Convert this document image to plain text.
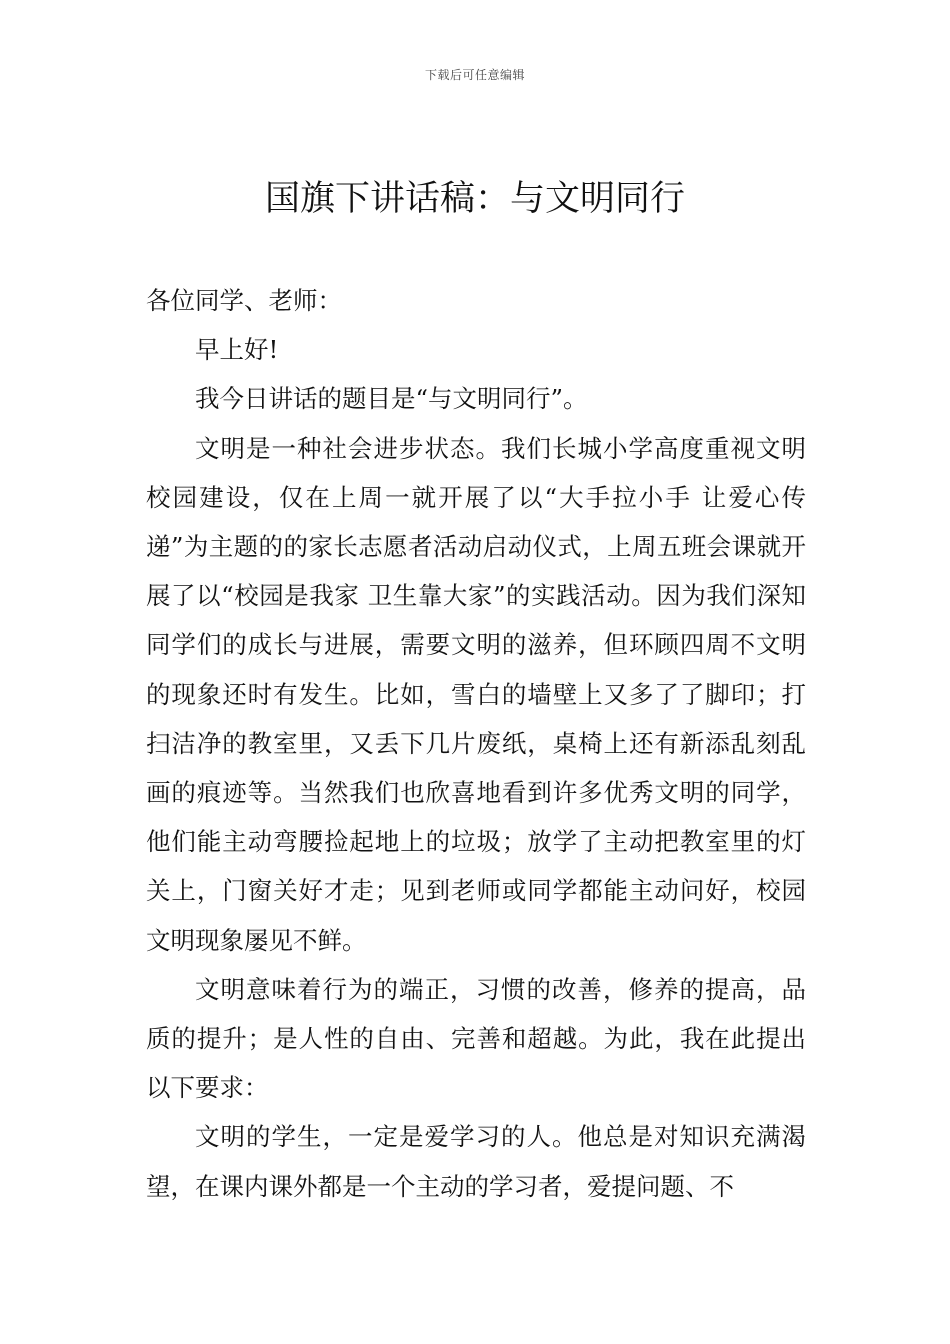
下载后可任意编辑
国旗下讲话稿：与文明同行

各位同学、老师：

早上好!

我今日讲话的题目是“与文明同行”。

文明是一种社会进步状态。我们长城小学高度重视文明校园建设，仅在上周一就开展了以“大手拉小手 让爱心传递”为主题的的家长志愿者活动启动仪式，上周五班会课就开展了以“校园是我家 卫生靠大家”的实践活动。因为我们深知同学们的成长与进展，需要文明的滋养，但环顾四周不文明的现象还时有发生。比如，雪白的墙壁上又多了了脚印；打扫洁净的教室里，又丢下几片废纸，桌椅上还有新添乱刻乱画的痕迹等。当然我们也欣喜地看到许多优秀文明的同学，他们能主动弯腰捡起地上的垃圾；放学了主动把教室里的灯关上，门窗关好才走；见到老师或同学都能主动问好，校园文明现象屡见不鲜。

文明意味着行为的端正，习惯的改善，修养的提高，品质的提升；是人性的自由、完善和超越。为此，我在此提出以下要求：

文明的学生，一定是爱学习的人。他总是对知识充满渴望，在课内课外都是一个主动的学习者，爱提问题、不
